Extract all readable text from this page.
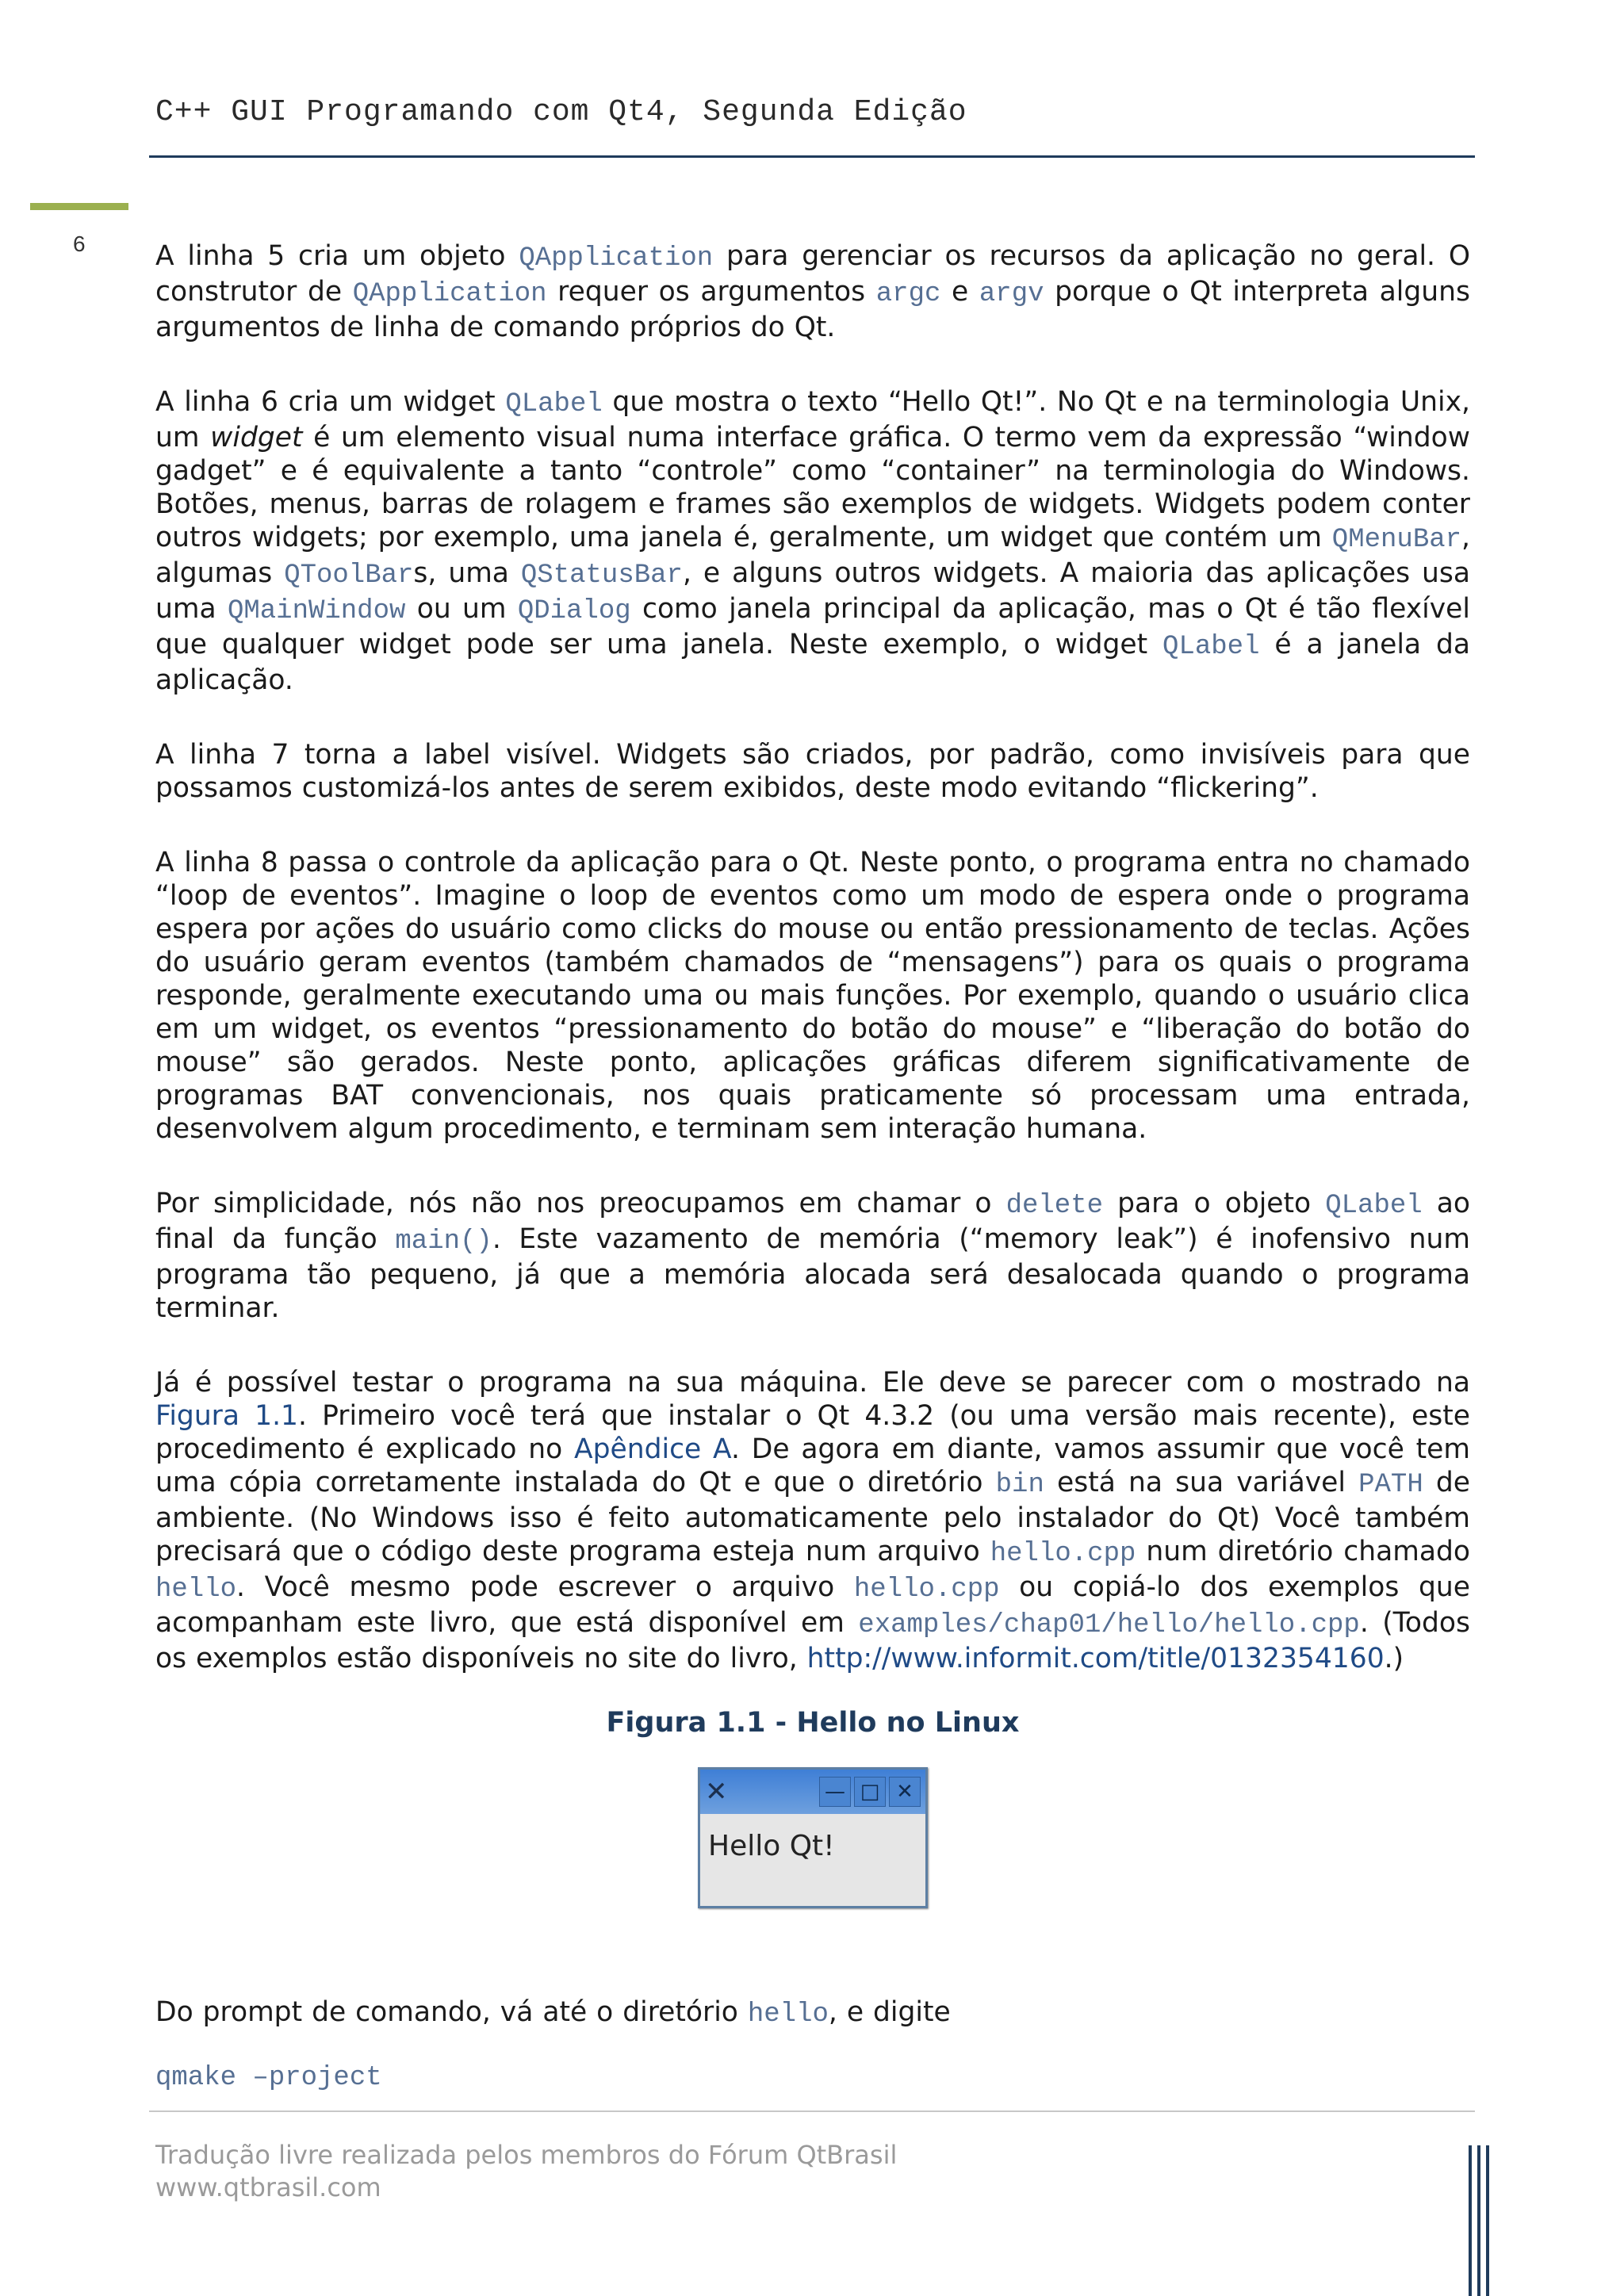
C++ GUI Programando com Qt4, Segunda Edição
6	A linha 5 cria um objeto QApplication para gerenciar os recursos da aplicação no geral. O construtor de QApplication requer os argumentos argc e argv porque o Qt interpreta alguns argumentos de linha de comando próprios do Qt.

A linha 6 cria um widget QLabel que mostra o texto “Hello Qt!”. No Qt e na terminologia Unix, um widget é um elemento visual numa interface gráfica. O termo vem da expressão “window gadget” e é equivalente a tanto “controle” como “container” na terminologia do Windows. Botões, menus, barras de rolagem e frames são exemplos de widgets. Widgets podem conter outros widgets; por exemplo, uma janela é, geralmente, um widget que contém um QMenuBar, algumas QToolBars, uma QStatusBar, e alguns outros widgets. A maioria das aplicações usa uma QMainWindow ou um QDialog como janela principal da aplicação, mas o Qt é tão flexível que qualquer widget pode ser uma janela. Neste exemplo, o widget QLabel é a janela da aplicação.

A linha 7 torna a label visível. Widgets são criados, por padrão, como invisíveis para que possamos customizá-los antes de serem exibidos, deste modo evitando “flickering”.

A linha 8 passa o controle da aplicação para o Qt. Neste ponto, o programa entra no chamado “loop de eventos”. Imagine o loop de eventos como um modo de espera onde o programa espera por ações do usuário como clicks do mouse ou então pressionamento de teclas. Ações do usuário geram eventos (também chamados de “mensagens”) para os quais o programa responde, geralmente executando uma ou mais funções. Por exemplo, quando o usuário clica em um widget, os eventos “pressionamento do botão do mouse” e “liberação do botão do mouse” são gerados. Neste ponto, aplicações gráficas diferem significativamente de programas BAT convencionais, nos quais praticamente só processam uma entrada, desenvolvem algum procedimento, e terminam sem interação humana.

Por simplicidade, nós não nos preocupamos em chamar o delete para o objeto QLabel ao final da função main(). Este vazamento de memória (“memory leak”) é inofensivo num programa tão pequeno, já que a memória alocada será desalocada quando o programa terminar.

Já é possível testar o programa na sua máquina. Ele deve se parecer com o mostrado na Figura 1.1. Primeiro você terá que instalar o Qt 4.3.2 (ou uma versão mais recente), este procedimento é explicado no Apêndice A. De agora em diante, vamos assumir que você tem uma cópia corretamente instalada do Qt e que o diretório bin está na sua variável PATH de ambiente. (No Windows isso é feito automaticamente pelo instalador do Qt) Você também precisará que o código deste programa esteja num arquivo hello.cpp num diretório chamado hello. Você mesmo pode escrever o arquivo hello.cpp ou copiá-lo dos exemplos que acompanham este livro, que está disponível em examples/chap01/hello/hello.cpp. (Todos os exemplos estão disponíveis no site do livro, http://www.informit.com/title/0132354160.)

Figura 1.1 - Hello no Linux
✕	— □ ✕
Hello Qt!

Do prompt de comando, vá até o diretório hello, e digite

qmake –project
Tradução livre realizada pelos membros do Fórum QtBrasil
www.qtbrasil.com
